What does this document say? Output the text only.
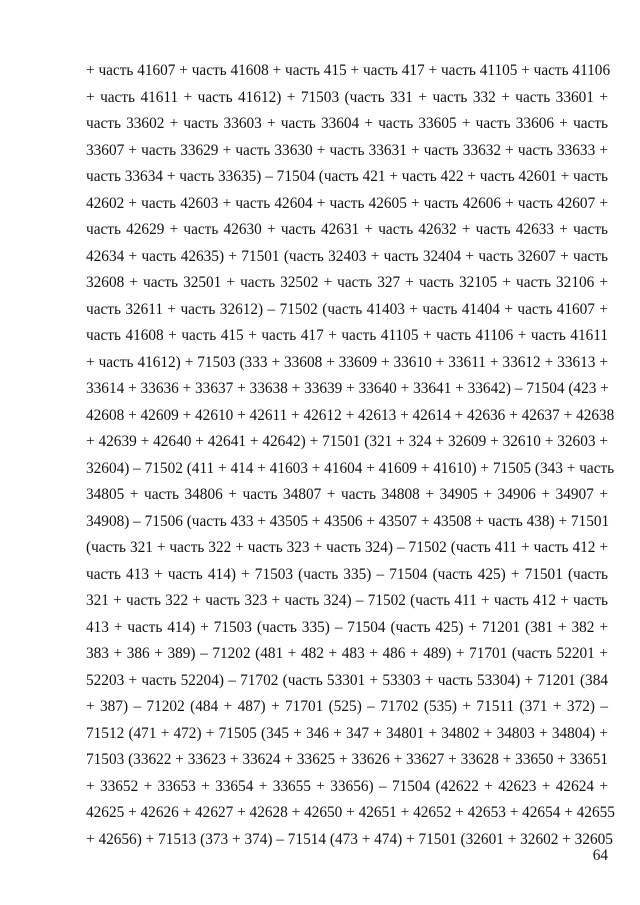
+ часть 41607 + часть 41608 + часть 415 + часть 417 + часть 41105 + часть 41106
+ часть 41611 + часть 41612) + 71503 (часть 331 + часть 332 + часть 33601 +
часть 33602 + часть 33603 + часть 33604 + часть 33605 + часть 33606 + часть
33607 + часть 33629 + часть 33630 + часть 33631 + часть 33632 + часть 33633 +
часть 33634 + часть 33635) – 71504 (часть 421 + часть 422 + часть 42601 + часть
42602 + часть 42603 + часть 42604 + часть 42605 + часть 42606 + часть 42607 +
часть 42629 + часть 42630 + часть 42631 + часть 42632 + часть 42633 + часть
42634 + часть 42635) + 71501 (часть 32403 + часть 32404 + часть 32607 + часть
32608 + часть 32501 + часть 32502 + часть 327 + часть 32105 + часть 32106 +
часть 32611 + часть 32612) – 71502 (часть 41403 + часть 41404 + часть 41607 +
часть 41608 + часть 415 + часть 417 + часть 41105 + часть 41106 + часть 41611
+ часть 41612) + 71503 (333 + 33608 + 33609 + 33610 + 33611 + 33612 + 33613 +
33614 + 33636 + 33637 + 33638 + 33639 + 33640 + 33641 + 33642) – 71504 (423 +
42608 + 42609 + 42610 + 42611 + 42612 + 42613 + 42614 + 42636 + 42637 + 42638
+ 42639 + 42640 + 42641 + 42642) + 71501 (321 + 324 + 32609 + 32610 + 32603 +
32604) – 71502 (411 + 414 + 41603 + 41604 + 41609 + 41610) + 71505 (343 + часть
34805 + часть 34806 + часть 34807 + часть 34808 + 34905 + 34906 + 34907 +
34908) – 71506 (часть 433 + 43505 + 43506 + 43507 + 43508 + часть 438) + 71501
(часть 321 + часть 322 + часть 323 + часть 324) – 71502 (часть 411 + часть 412 +
часть 413 + часть 414) + 71503 (часть 335) – 71504 (часть 425) + 71501 (часть
321 + часть 322 + часть 323 + часть 324) – 71502 (часть 411 + часть 412 + часть
413 + часть 414) + 71503 (часть 335) – 71504 (часть 425) + 71201 (381 + 382 +
383 + 386 + 389) – 71202 (481 + 482 + 483 + 486 + 489) + 71701 (часть 52201 +
52203 + часть 52204) – 71702 (часть 53301 + 53303 + часть 53304) + 71201 (384
+ 387) – 71202 (484 + 487) + 71701 (525) – 71702 (535) + 71511 (371 + 372) –
71512 (471 + 472) + 71505 (345 + 346 + 347 + 34801 + 34802 + 34803 + 34804) +
71503 (33622 + 33623 + 33624 + 33625 + 33626 + 33627 + 33628 + 33650 + 33651
+ 33652 + 33653 + 33654 + 33655 + 33656) – 71504 (42622 + 42623 + 42624 +
42625 + 42626 + 42627 + 42628 + 42650 + 42651 + 42652 + 42653 + 42654 + 42655
+ 42656) + 71513 (373 + 374) – 71514 (473 + 474) + 71501 (32601 + 32602 + 32605
64
